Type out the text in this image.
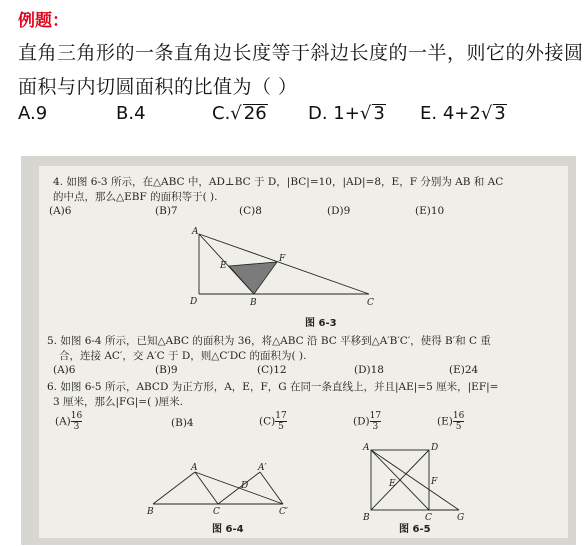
例题：
直角三角形的一条直角边长度等于斜边长度的一半，则它的外接圆
面积与内切圆面积的比值为（ ）
A.9	B.4	C.√ 26 D. 1+√ 3 E. 4+2√ 3
4. 如图 6-3 所示，在△ABC 中，AD⊥BC 于 D，|BC|=10，|AD|=8，E，F 分别为 AB 和 AC
的中点，那么△EBF 的面积等于( ).
(A)6	(B)7	(C)8	(D)9	(E)10
A
D
E
F
B	C
图 6-3
5. 如图 6-4 所示，已知△ABC 的面积为 36，将△ABC 沿 BC 平移到△A′B′C′，使得 B′和 C 重
合，连接 AC′，交 A′C 于 D，则△C′DC 的面积为( ).
(A)6	(B)9	(C)12	(D)18	(E)24
6. 如图 6-5 所示，ABCD 为正方形，A，E，F，G 在同一条直线上，并且|AE|=5 厘米，|EF|=
3 厘米，那么|FG|=( )厘米.
$(A) \frac{16}{3}$	(B)4	$(C) \frac{17}{5}$	$(D) \frac{17}{3}$	$(E) \frac{16}{5}$
A	A′
D
B	C	C′
图 6-4
A	D
E	F
B	C	G
图 6-5
